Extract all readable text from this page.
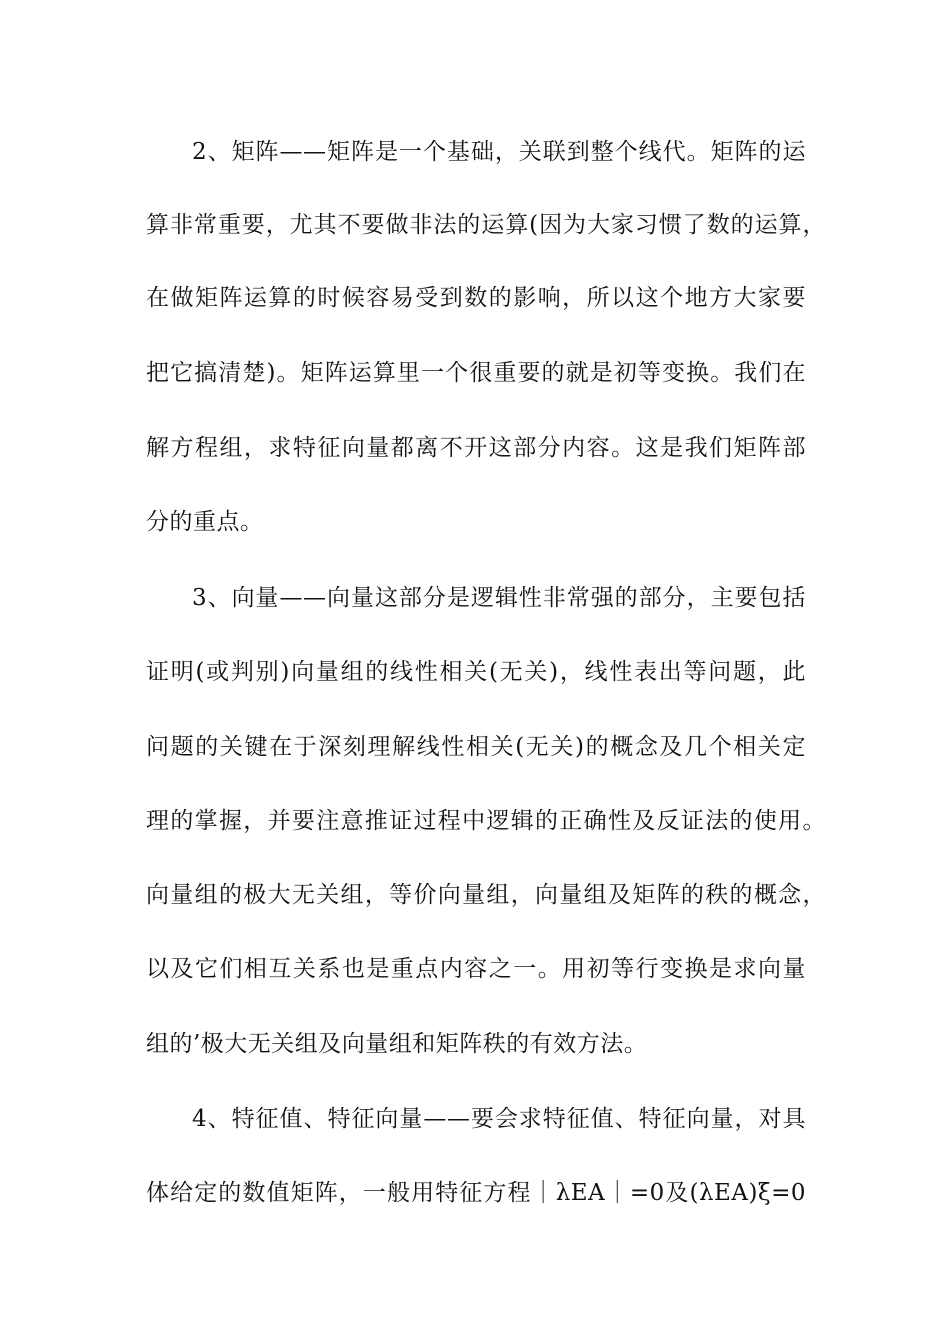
2、矩阵——矩阵是一个基础，关联到整个线代。矩阵的运
算非常重要，尤其不要做非法的运算(因为大家习惯了数的运算，
在做矩阵运算的时候容易受到数的影响，所以这个地方大家要
把它搞清楚)。矩阵运算里一个很重要的就是初等变换。我们在
解方程组，求特征向量都离不开这部分内容。这是我们矩阵部
分的重点。
3、向量——向量这部分是逻辑性非常强的部分，主要包括
证明(或判别)向量组的线性相关(无关)，线性表出等问题，此
问题的关键在于深刻理解线性相关(无关)的概念及几个相关定
理的掌握，并要注意推证过程中逻辑的正确性及反证法的使用。
向量组的极大无关组，等价向量组，向量组及矩阵的秩的概念，
以及它们相互关系也是重点内容之一。用初等行变换是求向量
组的’极大无关组及向量组和矩阵秩的有效方法。
4、特征值、特征向量——要会求特征值、特征向量，对具
体给定的数值矩阵，一般用特征方程｜λEA｜=0及(λEA)ξ=0
